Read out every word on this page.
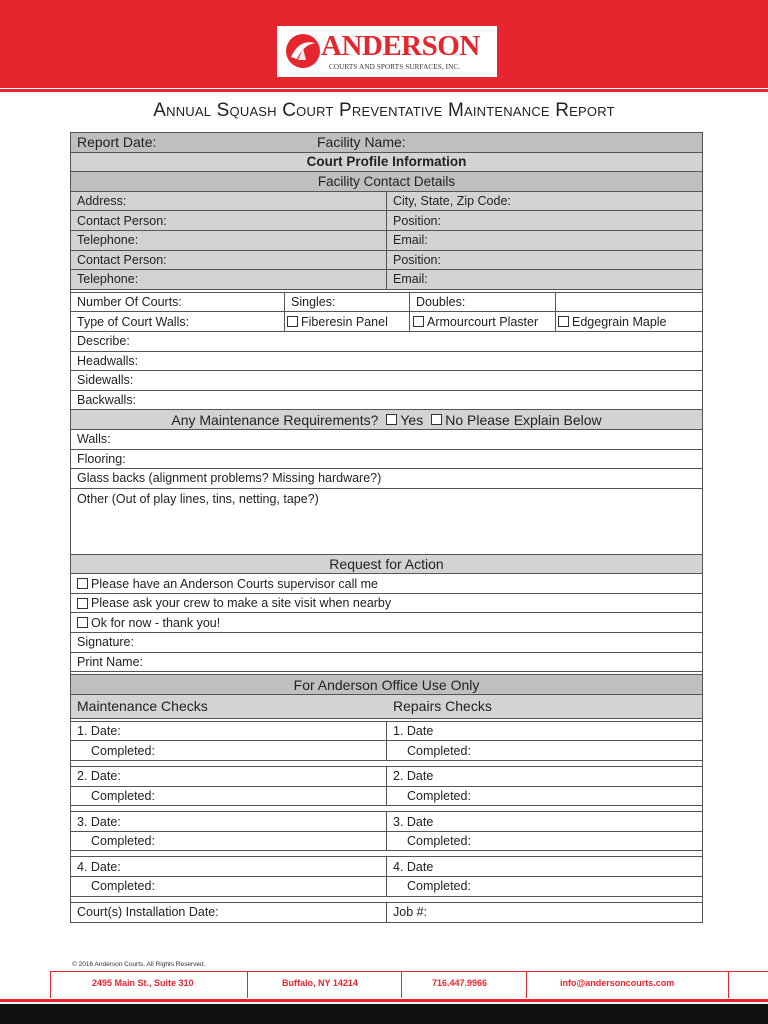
ANDERSON
COURTS AND SPORTS SURFACES, INC.
Annual Squash Court Preventative Maintenance Report
Report Date:	Facility Name:
Court Profile Information
Facility Contact Details
Address:	City, State, Zip Code:
Contact Person:	Position:
Telephone:	Email:
Contact Person:	Position:
Telephone:	Email:
Number Of Courts:	Singles:	Doubles:
Type of Court Walls:	Fiberesin Panel	Armourcourt Plaster	Edgegrain Maple
Describe:
Headwalls:
Sidewalls:
Backwalls:
Any Maintenance Requirements? Yes No Please Explain Below
Walls:
Flooring:
Glass backs (alignment problems? Missing hardware?)
Other (Out of play lines, tins, netting, tape?)
Request for Action
Please have an Anderson Courts supervisor call me
Please ask your crew to make a site visit when nearby
Ok for now - thank you!
Signature:
Print Name:
For Anderson Office Use Only
Maintenance Checks	Repairs Checks
1. Date:	1. Date
Completed:	Completed:
2. Date:	2. Date
Completed:	Completed:
3. Date:	3. Date
Completed:	Completed:
4. Date:	4. Date
Completed:	Completed:
Court(s) Installation Date:	Job #:
© 2016 Anderson Courts. All Rights Reserved.
2495 Main St., Suite 310	Buffalo, NY 14214	716.447.9966	info@andersoncourts.com
